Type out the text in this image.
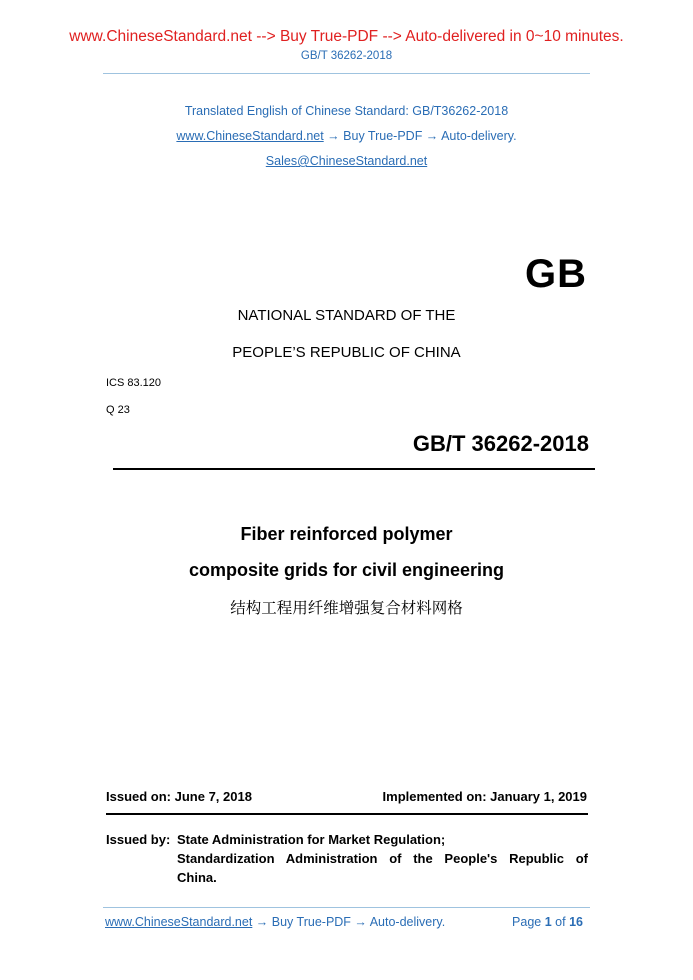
www.ChineseStandard.net --> Buy True-PDF --> Auto-delivered in 0~10 minutes.
GB/T 36262-2018
Translated English of Chinese Standard: GB/T36262-2018
www.ChineseStandard.net → Buy True-PDF → Auto-delivery.
Sales@ChineseStandard.net
GB
NATIONAL STANDARD OF THE
PEOPLE’S REPUBLIC OF CHINA
ICS 83.120
Q 23
GB/T 36262-2018
Fiber reinforced polymer
composite grids for civil engineering
结构工程用纤维增强复合材料网格
Issued on: June 7, 2018	Implemented on: January 1, 2019
Issued by: State Administration for Market Regulation;
Standardization Administration of the People's Republic of
China.
www.ChineseStandard.net → Buy True-PDF → Auto-delivery.	Page 1 of 16
